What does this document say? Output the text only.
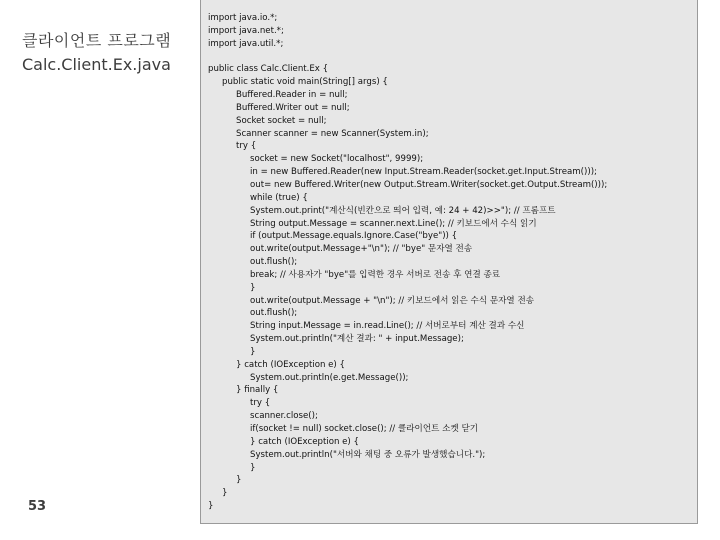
클라이언트 프로그램
Calc.Client.Ex.java
53
import java.io.*;
import java.net.*;
import java.util.*;
public class Calc.Client.Ex {
public static void main(String[] args) {
Buffered.Reader in = null;
Buffered.Writer out = null;
Socket socket = null;
Scanner scanner = new Scanner(System.in);
try {
socket = new Socket("localhost", 9999);
in = new Buffered.Reader(new Input.Stream.Reader(socket.get.Input.Stream()));
out= new Buffered.Writer(new Output.Stream.Writer(socket.get.Output.Stream()));
while (true) {
System.out.print("계산식(빈칸으로 띄어 입력, 예: 24 + 42)>>"); // 프롬프트
String output.Message = scanner.next.Line(); // 키보드에서 수식 읽기
if (output.Message.equals.Ignore.Case("bye")) {
out.write(output.Message+"\n"); // "bye" 문자열 전송
out.flush();
break; // 사용자가 "bye"를 입력한 경우 서버로 전송 후 연결 종료
}
out.write(output.Message + "\n"); // 키보드에서 읽은 수식 문자열 전송
out.flush();
String input.Message = in.read.Line(); // 서버로부터 계산 결과 수신
System.out.println("계산 결과: " + input.Message);
}
} catch (IOException e) {
System.out.println(e.get.Message());
} finally {
try {
scanner.close();
if(socket != null) socket.close(); // 클라이언트 소켓 닫기
} catch (IOException e) {
System.out.println("서버와 채팅 중 오류가 발생했습니다.");
}
}
}
}
